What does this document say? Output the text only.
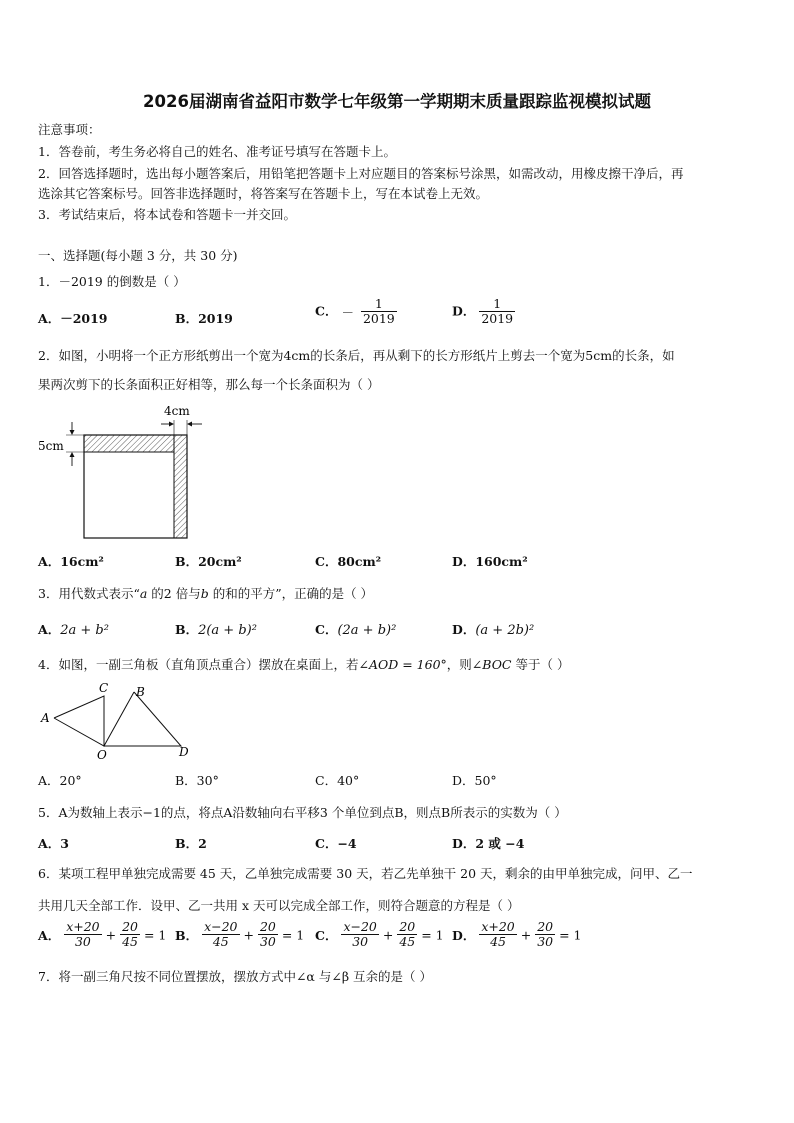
2026届湖南省益阳市数学七年级第一学期期末质量跟踪监视模拟试题
注意事项：
1．答卷前，考生务必将自己的姓名、准考证号填写在答题卡上。
2．回答选择题时，选出每小题答案后，用铅笔把答题卡上对应题目的答案标号涂黑，如需改动，用橡皮擦干净后，再
选涂其它答案标号。回答非选择题时，将答案写在答题卡上，写在本试卷上无效。
3．考试结束后，将本试卷和答题卡一并交回。
一、选择题(每小题 3 分，共 30 分)
1．－2019 的倒数是（ ）
A．－2019	B．2019
C． － $\frac{1}{2019}$	D． $\frac{1}{2019}$
2．如图，小明将一个正方形纸剪出一个宽为4cm的长条后，再从剩下的长方形纸片上剪去一个宽为5cm的长条，如
果两次剪下的长条面积正好相等，那么每一个长条面积为（ ）
4cm
5cm
A．16cm²	B．20cm²	C．80cm²	D．160cm²
3．用代数式表示“a 的2 倍与b 的和的平方”，正确的是（ ）
A．2a + b²	B．2(a + b)²	C．(2a + b)²	D．(a + 2b)²
4．如图，一副三角板（直角顶点重合）摆放在桌面上，若∠AOD = 160°，则∠BOC 等于（ ）
A
C B
O	D
A．20°	B．30°	C．40°	D．50°
5．A为数轴上表示−1的点，将点A沿数轴向右平移3 个单位到点B，则点B所表示的实数为（ ）
A．3	B．2	C．−4	D．2 或 −4
6．某项工程甲单独完成需要 45 天，乙单独完成需要 30 天，若乙先单独干 20 天，剩余的由甲单独完成，问甲、乙一
共用几天全部工作．设甲、乙一共用 x 天可以完成全部工作，则符合题意的方程是（ ）
A． $\frac{x+20}{30} + \frac{20}{45} = 1$ B． $\frac{x-20}{45} + \frac{20}{30} = 1$ C． $\frac{x-20}{30} + \frac{20}{45} = 1$ D． $\frac{x+20}{45} + \frac{20}{30} = 1$
7．将一副三角尺按不同位置摆放，摆放方式中∠α 与∠β 互余的是（ ）
